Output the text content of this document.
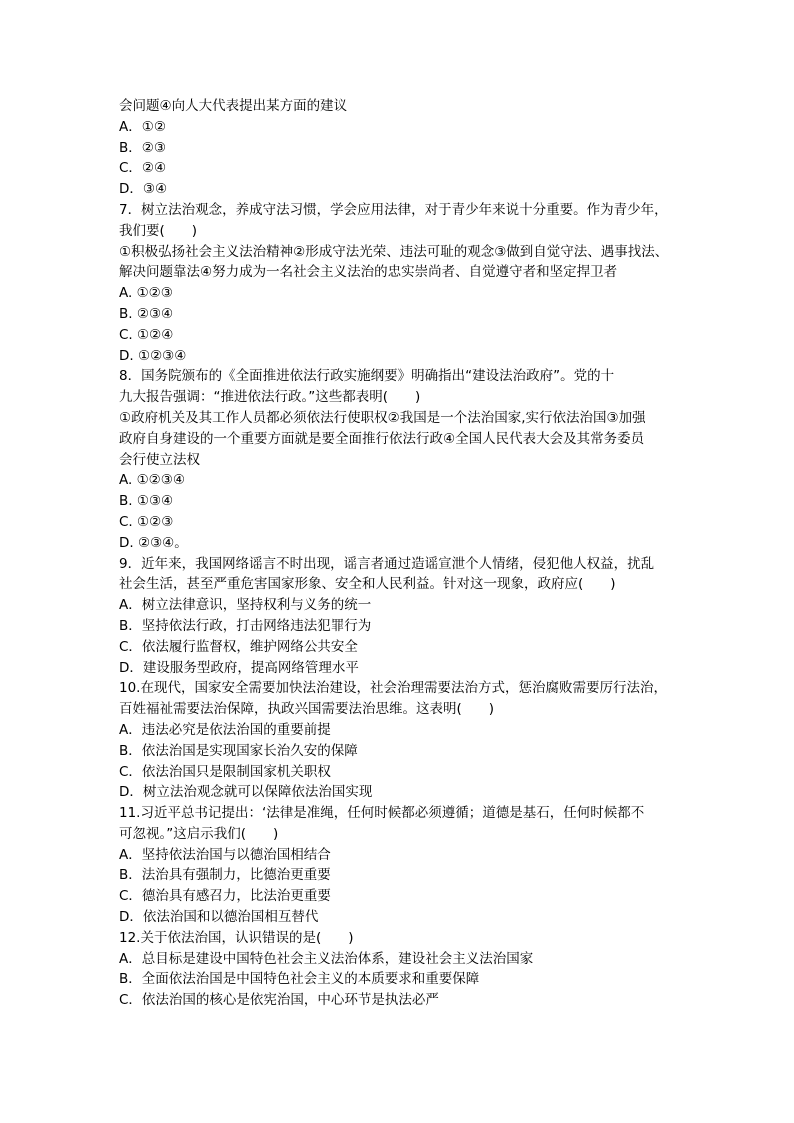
会问题④向人大代表提出某方面的建议
A．①②
B．②③
C．②④
D．③④
7．树立法治观念，养成守法习惯，学会应用法律，对于青少年来说十分重要。作为青少年，
我们要(　　)
①积极弘扬社会主义法治精神②形成守法光荣、违法可耻的观念③做到自觉守法、遇事找法、
解决问题靠法④努力成为一名社会主义法治的忠实崇尚者、自觉遵守者和坚定捍卫者
A. ①②③
B. ②③④
C. ①②④
D. ①②③④
8．国务院颁布的《全面推进依法行政实施纲要》明确指出“建设法治政府”。党的十
九大报告强调：“推进依法行政。”这些都表明(　　)
①政府机关及其工作人员都必须依法行使职权②我国是一个法治国家,实行依法治国③加强
政府自身建设的一个重要方面就是要全面推行依法行政④全国人民代表大会及其常务委员
会行使立法权
A. ①②③④
B. ①③④
C. ①②③
D. ②③④。
9．近年来，我国网络谣言不时出现，谣言者通过造谣宣泄个人情绪，侵犯他人权益，扰乱
社会生活，甚至严重危害国家形象、安全和人民利益。针对这一现象，政府应(　　)
A．树立法律意识，坚持权利与义务的统一
B．坚持依法行政，打击网络违法犯罪行为
C．依法履行监督权，维护网络公共安全
D．建设服务型政府，提高网络管理水平
10.在现代，国家安全需要加快法治建设，社会治理需要法治方式，惩治腐败需要厉行法治，
百姓福祉需要法治保障，执政兴国需要法治思维。这表明(　　)
A．违法必究是依法治国的重要前提
B．依法治国是实现国家长治久安的保障
C．依法治国只是限制国家机关职权
D．树立法治观念就可以保障依法治国实现
11.习近平总书记提出：‘法律是准绳，任何时候都必须遵循；道德是基石，任何时候都不
可忽视。”这启示我们(　　)
A．坚持依法治国与以德治国相结合
B．法治具有强制力，比德治更重要
C．德治具有感召力，比法治更重要
D．依法治国和以德治国相互替代
12.关于依法治国，认识错误的是(　　)
A．总目标是建设中国特色社会主义法治体系，建设社会主义法治国家
B．全面依法治国是中国特色社会主义的本质要求和重要保障
C．依法治国的核心是依宪治国，中心环节是执法必严
